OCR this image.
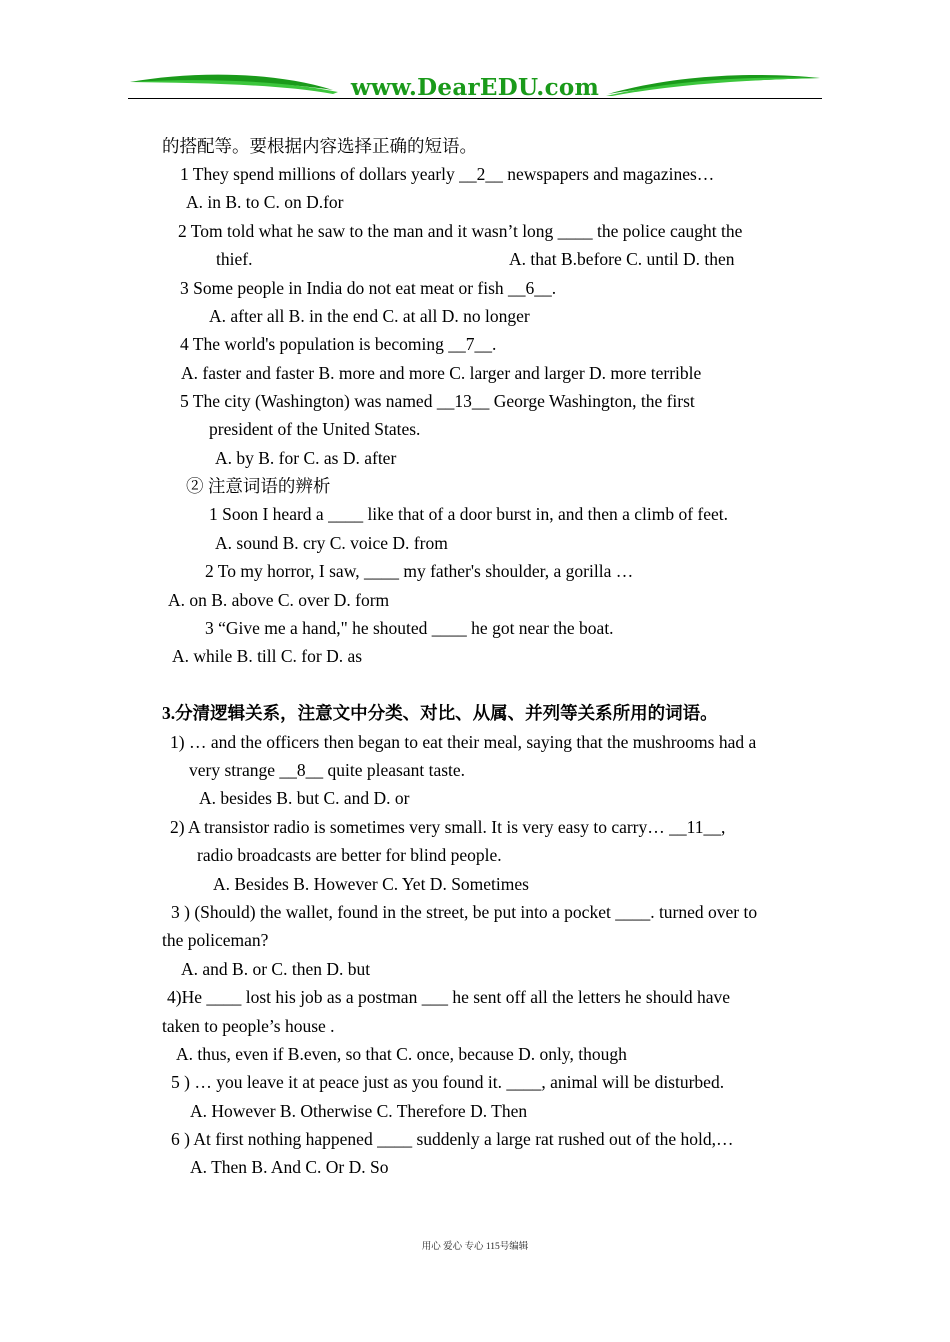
www.DearEDU.com
的搭配等。要根据内容选择正确的短语。
1 They spend millions of dollars yearly __2__ newspapers and magazines…
A. in B. to C. on D.for
2 Tom told what he saw to the man and it wasn’t long ____ the police caught the
thief.	A. that B.before C. until D. then
3 Some people in India do not eat meat or fish __6__.
A. after all B. in the end C. at all D. no longer
4 The world's population is becoming __7__.
A. faster and faster B. more and more C. larger and larger D. more terrible
5 The city (Washington) was named __13__ George Washington, the first
president of the United States.
A. by B. for C. as D. after
② 注意词语的辨析
1 Soon I heard a ____ like that of a door burst in, and then a climb of feet.
A. sound B. cry C. voice D. from
2 To my horror, I saw, ____ my father's shoulder, a gorilla …
A. on B. above C. over D. form
3 “Give me a hand," he shouted ____ he got near the boat.
A. while B. till C. for D. as
3.分清逻辑关系，注意文中分类、对比、从属、并列等关系所用的词语。
1) … and the officers then began to eat their meal, saying that the mushrooms had a
very strange __8__ quite pleasant taste.
A. besides B. but C. and D. or
2) A transistor radio is sometimes very small. It is very easy to carry… __11__,
radio broadcasts are better for blind people.
A. Besides B. However C. Yet D. Sometimes
3 ) (Should) the wallet, found in the street, be put into a pocket ____. turned over to
the policeman?
A. and B. or C. then D. but
4)He ____ lost his job as a postman ___ he sent off all the letters he should have
taken to people’s house .
A. thus, even if B.even, so that C. once, because D. only, though
5 ) … you leave it at peace just as you found it. ____, animal will be disturbed.
A. However B. Otherwise C. Therefore D. Then
6 ) At first nothing happened ____ suddenly a large rat rushed out of the hold,…
A. Then B. And C. Or D. So
用心 爱心 专心 115号编辑
